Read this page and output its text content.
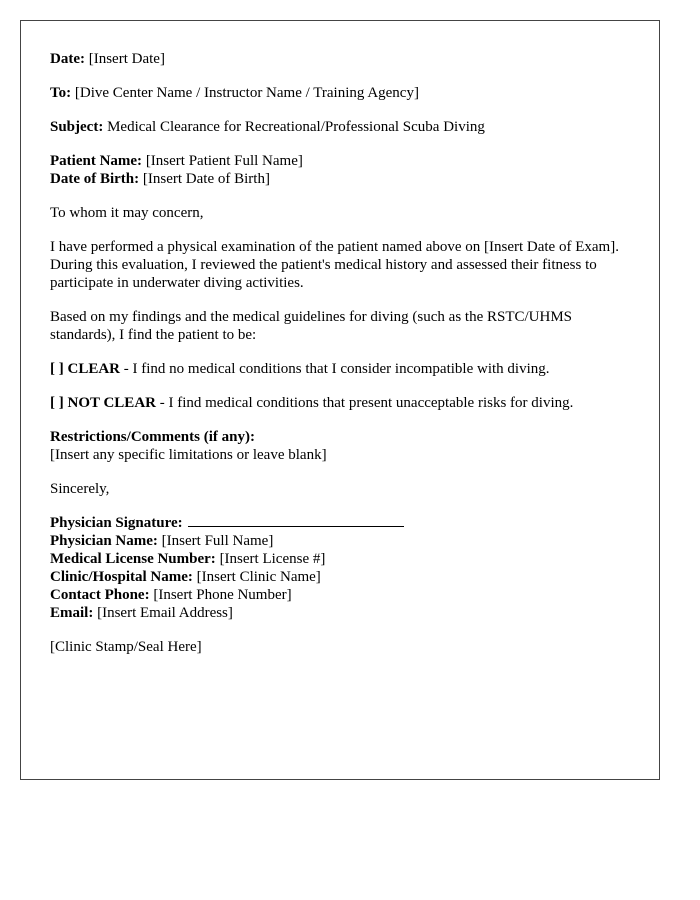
Date: [Insert Date]

To: [Dive Center Name / Instructor Name / Training Agency]

Subject: Medical Clearance for Recreational/Professional Scuba Diving

Patient Name: [Insert Patient Full Name]
Date of Birth: [Insert Date of Birth]

To whom it may concern,

I have performed a physical examination of the patient named above on [Insert Date of Exam]. During this evaluation, I reviewed the patient's medical history and assessed their fitness to participate in underwater diving activities.

Based on my findings and the medical guidelines for diving (such as the RSTC/UHMS standards), I find the patient to be:

[ ] CLEAR - I find no medical conditions that I consider incompatible with diving.

[ ] NOT CLEAR - I find medical conditions that present unacceptable risks for diving.

Restrictions/Comments (if any):
[Insert any specific limitations or leave blank]

Sincerely,

Physician Signature:
Physician Name: [Insert Full Name]
Medical License Number: [Insert License #]
Clinic/Hospital Name: [Insert Clinic Name]
Contact Phone: [Insert Phone Number]
Email: [Insert Email Address]

[Clinic Stamp/Seal Here]
